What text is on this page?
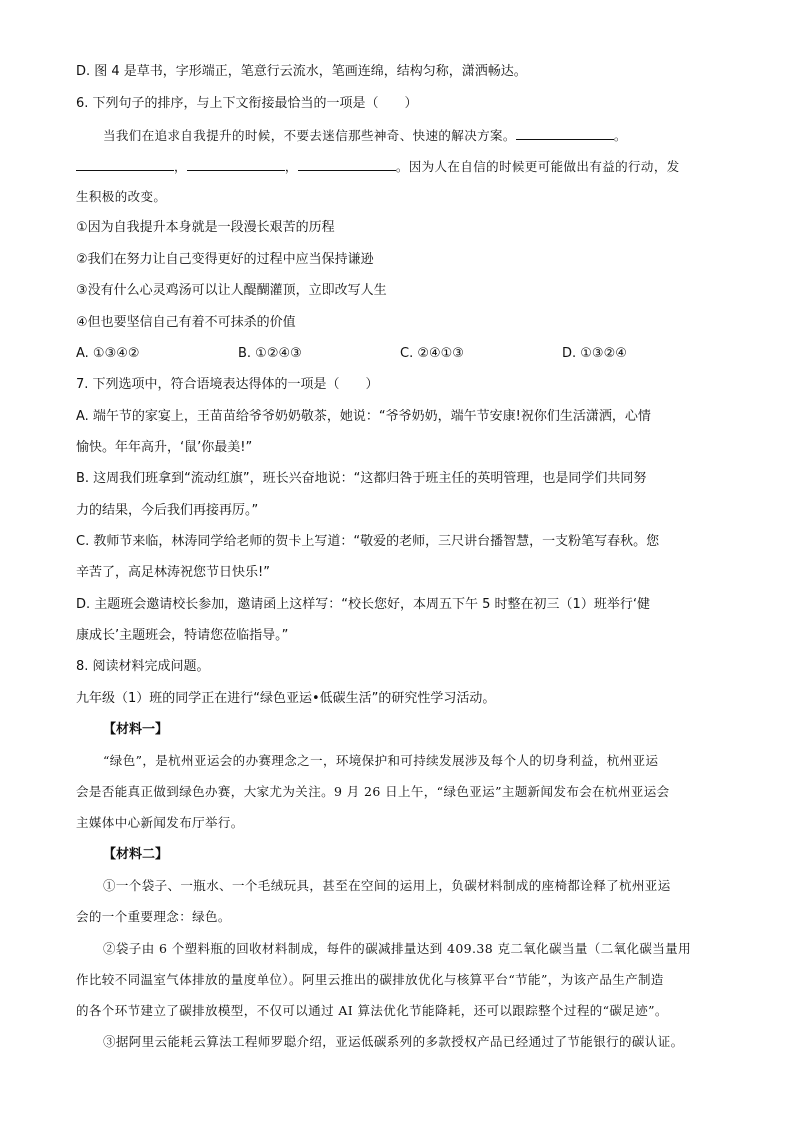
D. 图 4 是草书，字形端正，笔意行云流水，笔画连绵，结构匀称，潇洒畅达。
6. 下列句子的排序，与上下文衔接最恰当的一项是（　　）
当我们在追求自我提升的时候，不要去迷信那些神奇、快速的解决方案。	。
，	，	。因为人在自信的时候更可能做出有益的行动，发
生积极的改变。
①因为自我提升本身就是一段漫长艰苦的历程
②我们在努力让自己变得更好的过程中应当保持谦逊
③没有什么心灵鸡汤可以让人醍醐灌顶，立即改写人生
④但也要坚信自己有着不可抹杀的价值
A. ①③④②	B. ①②④③	C. ②④①③	D. ①③②④
7. 下列选项中，符合语境表达得体的一项是（　　）
A. 端午节的家宴上，王苗苗给爷爷奶奶敬茶，她说：“爷爷奶奶，端午节安康!祝你们生活潇洒，心情
愉快。年年高升，‘鼠’你最美!”
B. 这周我们班拿到“流动红旗”，班长兴奋地说：“这都归咎于班主任的英明管理，也是同学们共同努
力的结果，今后我们再接再厉。”
C. 教师节来临，林涛同学给老师的贺卡上写道：“敬爱的老师，三尺讲台播智慧，一支粉笔写春秋。您
辛苦了，高足林涛祝您节日快乐!”
D. 主题班会邀请校长参加，邀请函上这样写：“校长您好，本周五下午 5 时整在初三（1）班举行‘健
康成长’主题班会，特请您莅临指导。”
8. 阅读材料完成问题。
九年级（1）班的同学正在进行“绿色亚运•低碳生活”的研究性学习活动。
【材料一】
“绿色”，是杭州亚运会的办赛理念之一，环境保护和可持续发展涉及每个人的切身利益，杭州亚运
会是否能真正做到绿色办赛，大家尤为关注。9 月 26 日上午，“绿色亚运”主题新闻发布会在杭州亚运会
主媒体中心新闻发布厅举行。
【材料二】
①一个袋子、一瓶水、一个毛绒玩具，甚至在空间的运用上，负碳材料制成的座椅都诠释了杭州亚运
会的一个重要理念：绿色。
②袋子由 6 个塑料瓶的回收材料制成，每件的碳减排量达到 409.38 克二氧化碳当量（二氧化碳当量用
作比较不同温室气体排放的量度单位）。阿里云推出的碳排放优化与核算平台“节能”，为该产品生产制造
的各个环节建立了碳排放模型，不仅可以通过 AI 算法优化节能降耗，还可以跟踪整个过程的“碳足迹”。
③据阿里云能耗云算法工程师罗聪介绍，亚运低碳系列的多款授权产品已经通过了节能银行的碳认证。
